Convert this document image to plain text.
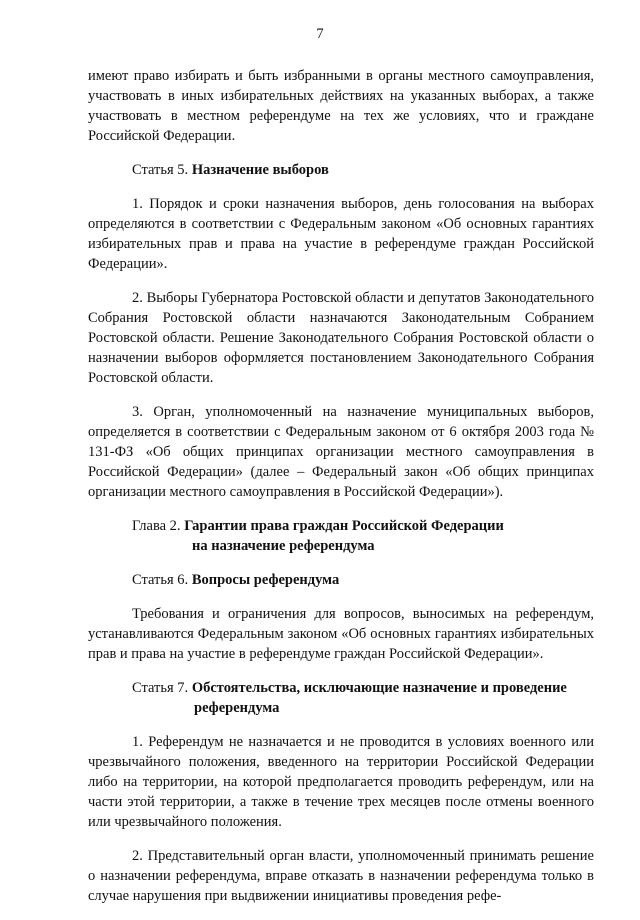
7

имеют право избирать и быть избранными в органы местного самоуправления, участвовать в иных избирательных действиях на указанных выборах, а также участвовать в местном референдуме на тех же условиях, что и граждане Российской Федерации.

Статья 5. Назначение выборов

1. Порядок и сроки назначения выборов, день голосования на выборах определяются в соответствии с Федеральным законом «Об основных гарантиях избирательных прав и права на участие в референдуме граждан Российской Федерации».

2. Выборы Губернатора Ростовской области и депутатов Законодательного Собрания Ростовской области назначаются Законодательным Собранием Ростовской области. Решение Законодательного Собрания Ростовской области о назначении выборов оформляется постановлением Законодательного Собрания Ростовской области.

3. Орган, уполномоченный на назначение муниципальных выборов, определяется в соответствии с Федеральным законом от 6 октября 2003 года № 131-ФЗ «Об общих принципах организации местного самоуправления в Российской Федерации» (далее – Федеральный закон «Об общих принципах организации местного самоуправления в Российской Федерации»).

Глава 2. Гарантии права граждан Российской Федерации
на назначение референдума
Статья 6. Вопросы референдума

Требования и ограничения для вопросов, выносимых на референдум, устанавливаются Федеральным законом «Об основных гарантиях избирательных прав и права на участие в референдуме граждан Российской Федерации».

Статья 7. Обстоятельства, исключающие назначение и проведение
референдума

1. Референдум не назначается и не проводится в условиях военного или чрезвычайного положения, введенного на территории Российской Федерации либо на территории, на которой предполагается проводить референдум, или на части этой территории, а также в течение трех месяцев после отмены военного или чрезвычайного положения.

2. Представительный орган власти, уполномоченный принимать решение о назначении референдума, вправе отказать в назначении референдума только в случае нарушения при выдвижении инициативы проведения рефе-
